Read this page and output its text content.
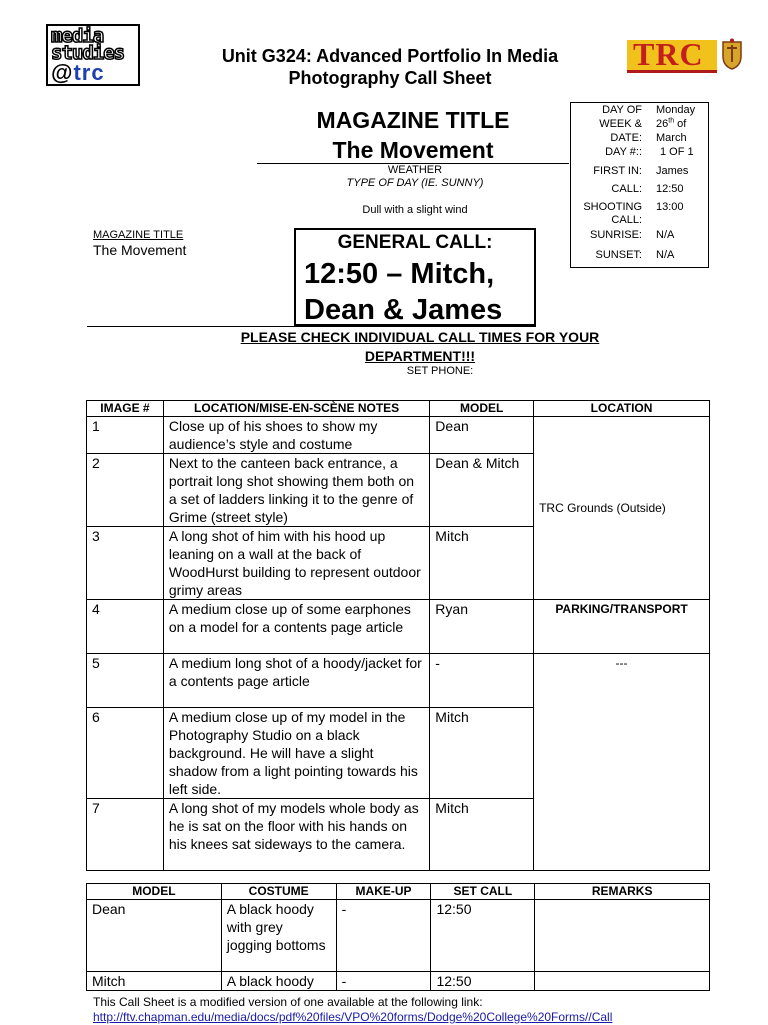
media
studies
@trc
TRC
Unit G324: Advanced Portfolio In Media
Photography Call Sheet
MAGAZINE TITLE
The Movement
WEATHER
TYPE OF DAY (IE. SUNNY)
Dull with a slight wind
DAY OF Monday
WEEK & 26th of
DATE: March
DAY #:: 1 OF 1
FIRST IN: James
CALL: 12:50
SHOOTING 13:00
CALL:
SUNRISE: N/A
SUNSET: N/A
MAGAZINE TITLE
The Movement	GENERAL CALL:
12:50 – Mitch,
Dean & James
PLEASE CHECK INDIVIDUAL CALL TIMES FOR YOUR DEPARTMENT!!!
SET PHONE:
IMAGE #	LOCATION/MISE-EN-SCÈNE NOTES	MODEL	LOCATION
1	Close up of his shoes to show my audience’s style and costume	Dean	TRC Grounds (Outside)
2	Next to the canteen back entrance, a portrait long shot showing them both on a set of ladders linking it to the genre of Grime (street style)	Dean & Mitch	
3	A long shot of him with his hood up leaning on a wall at the back of WoodHurst building to represent outdoor grimy areas	Mitch	
4	A medium close up of some earphones on a model for a contents page article	Ryan	PARKING/TRANSPORT
5	A medium long shot of a hoody/jacket for a contents page article	-	---
6	A medium close up of my model in the Photography Studio on a black background. He will have a slight shadow from a light pointing towards his left side.	Mitch	
7	A long shot of my models whole body as he is sat on the floor with his hands on his knees sat sideways to the camera.	Mitch	
MODEL	COSTUME	MAKE-UP	SET CALL	REMARKS
Dean	A black hoody with grey jogging bottoms	-	12:50	
Mitch	A black hoody	-	12:50	
This Call Sheet is a modified version of one available at the following link:
http://ftv.chapman.edu/media/docs/pdf%20files/VPO%20forms/Dodge%20College%20Forms//Call
